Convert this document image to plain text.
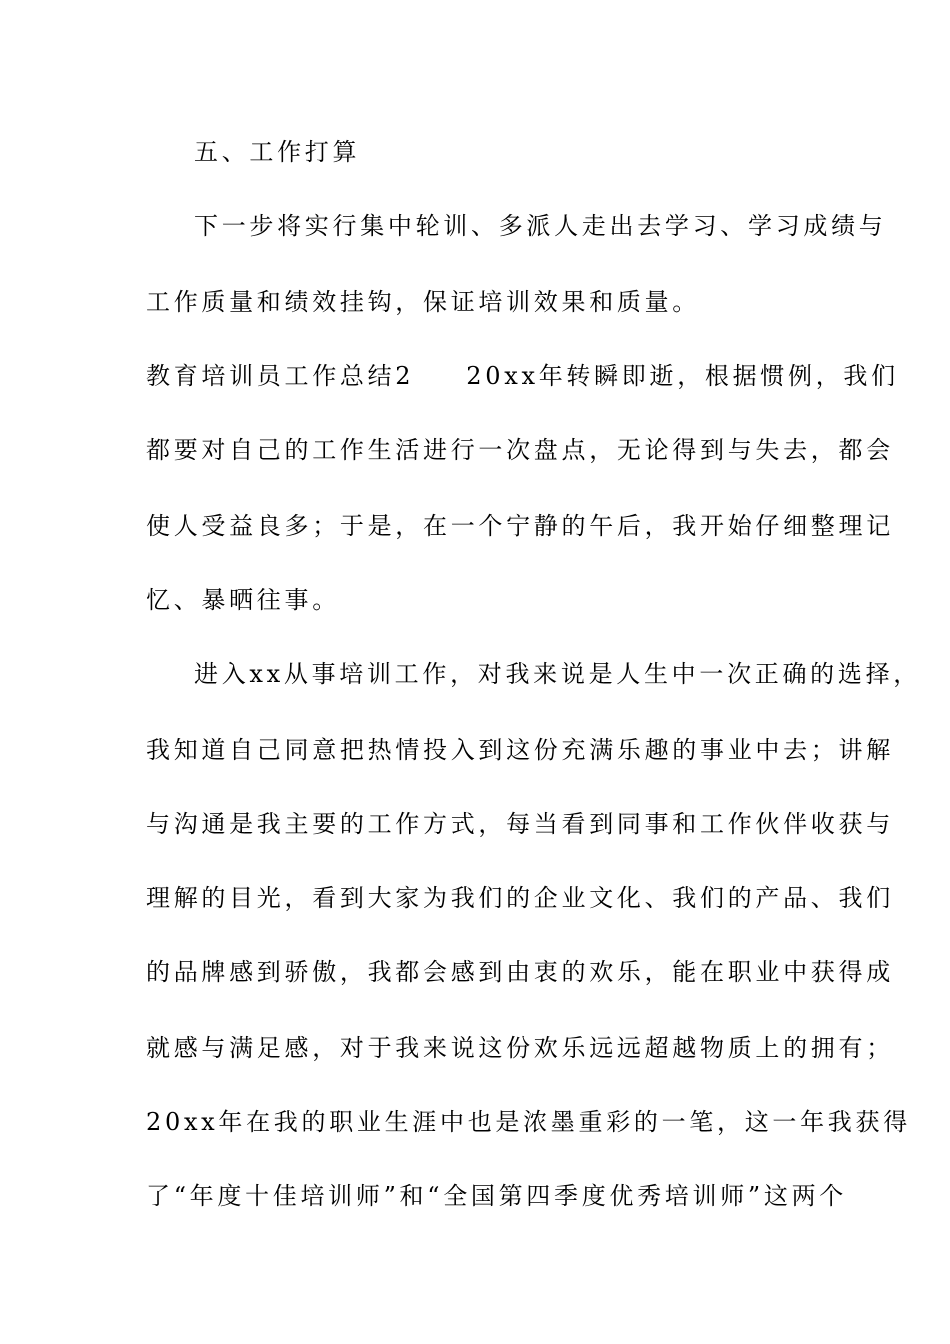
五、工作打算
下一步将实行集中轮训、多派人走出去学习、学习成绩与
工作质量和绩效挂钩，保证培训效果和质量。
教育培训员工作总结2 20xx年转瞬即逝，根据惯例，我们
都要对自己的工作生活进行一次盘点，无论得到与失去，都会
使人受益良多；于是，在一个宁静的午后，我开始仔细整理记
忆、暴晒往事。
进入xx从事培训工作，对我来说是人生中一次正确的选择，
我知道自己同意把热情投入到这份充满乐趣的事业中去；讲解
与沟通是我主要的工作方式，每当看到同事和工作伙伴收获与
理解的目光，看到大家为我们的企业文化、我们的产品、我们
的品牌感到骄傲，我都会感到由衷的欢乐，能在职业中获得成
就感与满足感，对于我来说这份欢乐远远超越物质上的拥有；
20xx年在我的职业生涯中也是浓墨重彩的一笔，这一年我获得
了“年度十佳培训师”和“全国第四季度优秀培训师”这两个
